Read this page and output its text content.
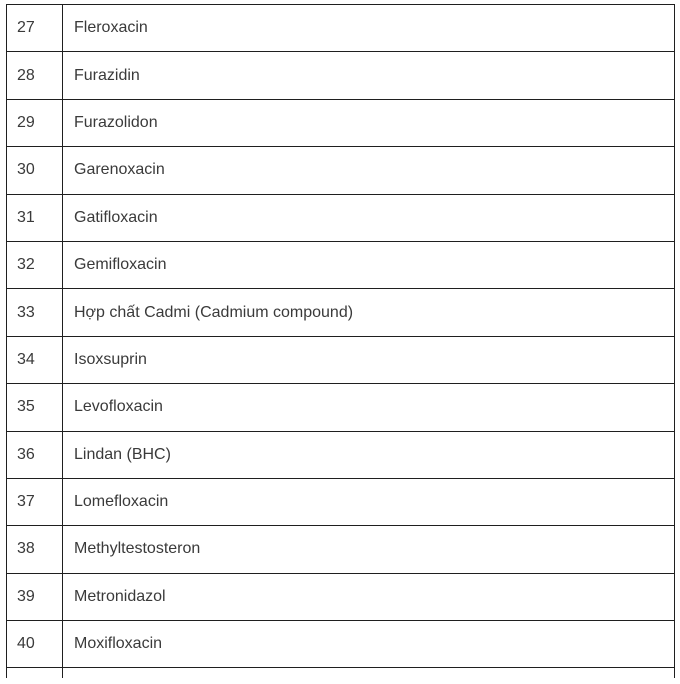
27	Fleroxacin
28	Furazidin
29	Furazolidon
30	Garenoxacin
31	Gatifloxacin
32	Gemifloxacin
33	Hợp chất Cadmi (Cadmium compound)
34	Isoxsuprin
35	Levofloxacin
36	Lindan (BHC)
37	Lomefloxacin
38	Methyltestosteron
39	Metronidazol
40	Moxifloxacin
